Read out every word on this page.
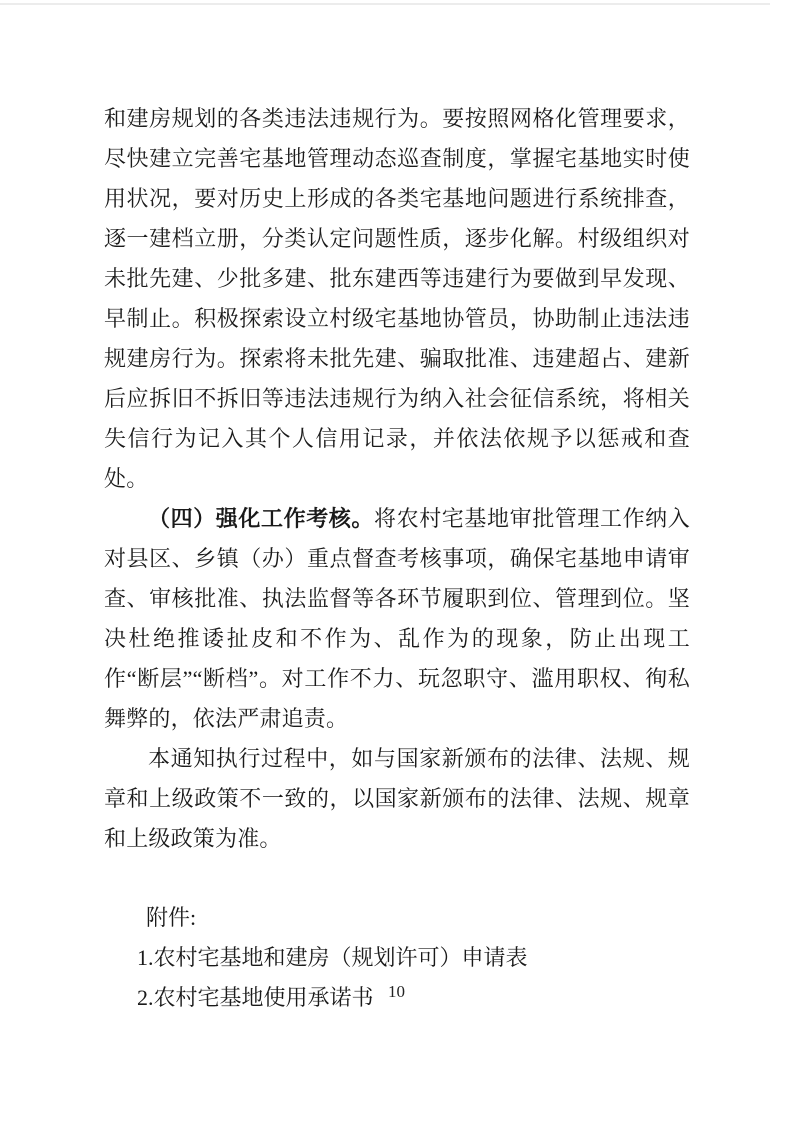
和建房规划的各类违法违规行为。要按照网格化管理要求，尽快建立完善宅基地管理动态巡查制度，掌握宅基地实时使用状况，要对历史上形成的各类宅基地问题进行系统排查，逐一建档立册，分类认定问题性质，逐步化解。村级组织对未批先建、少批多建、批东建西等违建行为要做到早发现、早制止。积极探索设立村级宅基地协管员，协助制止违法违规建房行为。探索将未批先建、骗取批准、违建超占、建新后应拆旧不拆旧等违法违规行为纳入社会征信系统，将相关失信行为记入其个人信用记录，并依法依规予以惩戒和查处。

（四）强化工作考核。将农村宅基地审批管理工作纳入对县区、乡镇（办）重点督查考核事项，确保宅基地申请审查、审核批准、执法监督等各环节履职到位、管理到位。坚决杜绝推诿扯皮和不作为、乱作为的现象，防止出现工作“断层”“断档”。对工作不力、玩忽职守、滥用职权、徇私舞弊的，依法严肃追责。

本通知执行过程中，如与国家新颁布的法律、法规、规章和上级政策不一致的，以国家新颁布的法律、法规、规章和上级政策为准。

附件:

1.农村宅基地和建房（规划许可）申请表

2.农村宅基地使用承诺书 10
